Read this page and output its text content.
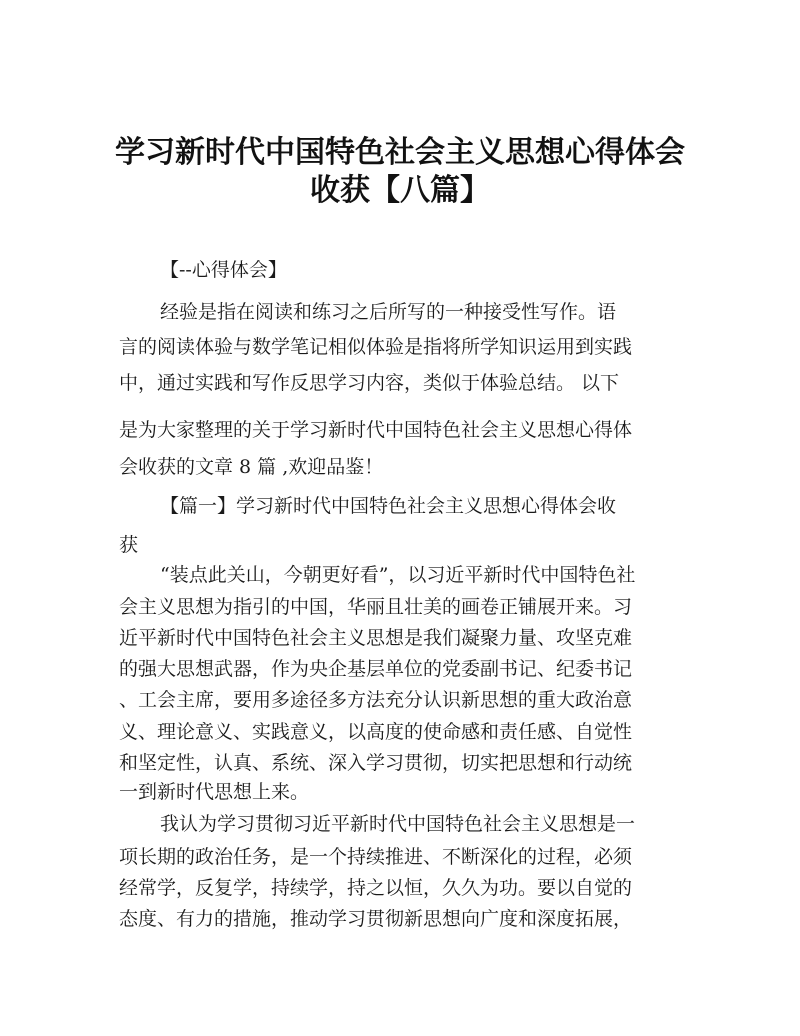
学习新时代中国特色社会主义思想心得体会
收获【八篇】
【--心得体会】
经验是指在阅读和练习之后所写的一种接受性写作。语
言的阅读体验与数学笔记相似体验是指将所学知识运用到实践
中，通过实践和写作反思学习内容，类似于体验总结。 以下
是为大家整理的关于学习新时代中国特色社会主义思想心得体
会收获的文章 8 篇 ,欢迎品鉴！
【篇一】学习新时代中国特色社会主义思想心得体会收
获
“装点此关山，今朝更好看”，以习近平新时代中国特色社
会主义思想为指引的中国，华丽且壮美的画卷正铺展开来。习
近平新时代中国特色社会主义思想是我们凝聚力量、攻坚克难
的强大思想武器，作为央企基层单位的党委副书记、纪委书记
、工会主席，要用多途径多方法充分认识新思想的重大政治意
义、理论意义、实践意义，以高度的使命感和责任感、自觉性
和坚定性，认真、系统、深入学习贯彻，切实把思想和行动统
一到新时代思想上来。
我认为学习贯彻习近平新时代中国特色社会主义思想是一
项长期的政治任务，是一个持续推进、不断深化的过程，必须
经常学，反复学，持续学，持之以恒，久久为功。要以自觉的
态度、有力的措施，推动学习贯彻新思想向广度和深度拓展，
